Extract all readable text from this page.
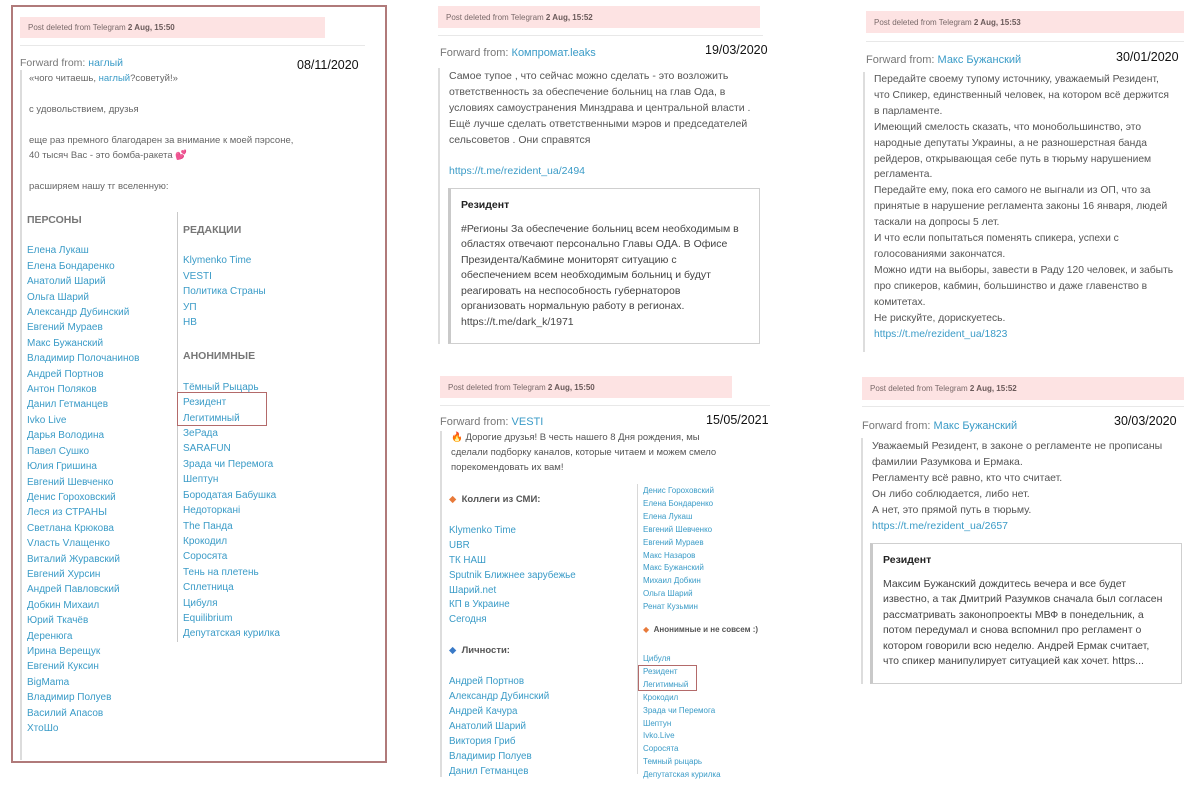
Post deleted from Telegram
2 Aug, 15:50
Forward from: наглый	08/11/2020
«чого читаешь, наглый?советуй!»

с удовольствием, друзья

еще раз премного благодарен за внимание к моей пэрсоне,
40 тысяч Вас - это бомба-ракета 💕

расширяем нашу тг вселенную:
ПЕРСОНЫ
Елена Лукаш
Елена Бондаренко
Анатолий Шарий
Ольга Шарий
Александр Дубинский
Евгений Мураев
Макс Бужанский
Владимир Полочанинов
Андрей Портнов
Антон Поляков
Данил Гетманцев
Ivko Live
Дарья Володина
Павел Сушко
Юлия Гришина
Евгений Шевченко
Денис Гороховский
Леся из СТРАНЫ
Светлана Крюкова
Vласть Vлащенко
Виталий Журавский
Евгений Хурсин
Андрей Павловский
Добкин Михаил
Юрий Ткачёв
Деренюга
Ирина Верещук
Евгений Куксин
BigMama
Владимир Полуев
Василий Апасов
ХтоШо
РЕДАКЦИИ
Klymenko Time
VESTI
Политика Страны
УП
НВ
АНОНИМНЫЕ
Тёмный Рыцарь
Резидент
Легитимный
ЗеРада
SARAFUN
Зрада чи Перемога
Шептун
Бородатая Бабушка
Недоторкані
The Панда
Крокодил
Соросята
Тень на плетень
Сплетница
Цибуля
Equilibrium
Депутатская курилка
Post deleted from Telegram
2 Aug, 15:52
Forward from: Компромат.leaks	19/03/2020
Самое тупое , что сейчас можно сделать - это возложить
ответственность за обеспечение больниц на глав Ода, в
условиях самоустранения Минздрава и центральной власти .
Ещё лучше сделать ответственными мэров и председателей
сельсоветов . Они справятся
https://t.me/rezident_ua/2494
Резидент
#Регионы За обеспечение больниц всем необходимым в
областях отвечают персонально Главы ОДА. В Офисе
Президента/Кабмине мониторят ситуацию с
обеспечением всем необходимым больниц и будут
реагировать на неспособность губернаторов
организовать нормальную работу в регионах.
https://t.me/dark_k/1971
Post deleted from Telegram
2 Aug, 15:50
Forward from: VESTI	15/05/2021
🔥 Дорогие друзья! В честь нашего 8 Дня рождения, мы
сделали подборку каналов, которые читаем и можем смело
порекомендовать их вам!
◆ Коллеги из СМИ:
Klymenko Time
UBR
ТК НАШ
Sputnik Ближнее зарубежье
Шарий.net
КП в Украине
Сегодня
◆ Личности:
Андрей Портнов
Александр Дубинский
Андрей Качура
Анатолий Шарий
Виктория Гриб
Владимир Полуев
Данил Гетманцев
Денис Гороховский
Елена Бондаренко
Елена Лукаш
Евгений Шевченко
Евгений Мураев
Макс Назаров
Макс Бужанский
Михаил Добкин
Ольга Шарий
Ренат Кузьмин
◆ Анонимные и не совсем :)
Цибуля
Резидент
Легитимный
Крокодил
Зрада чи Перемога
Шептун
Ivko.Live
Соросята
Темный рыцарь
Депутатская курилка
Post deleted from Telegram
2 Aug, 15:53
Forward from: Макс Бужанский	30/01/2020
Передайте своему тупому источнику, уважаемый Резидент,
что Спикер, единственный человек, на котором всё держится
в парламенте.
Имеющий смелость сказать, что монобольшинство, это
народные депутаты Украины, а не разношерстная банда
рейдеров, открывающая себе путь в тюрьму нарушением
регламента.
Передайте ему, пока его самого не выгнали из ОП, что за
принятые в нарушение регламента законы 16 января, людей
таскали на допросы 5 лет.
И что если попытаться поменять спикера, успехи с
голосованиями закончатся.
Можно идти на выборы, завести в Раду 120 человек, и забыть
про спикеров, кабмин, большинство и даже главенство в
комитетах.
Не рискуйте, дорискуетесь.
https://t.me/rezident_ua/1823
Post deleted from Telegram
2 Aug, 15:52
Forward from: Макс Бужанский	30/03/2020
Уважаемый Резидент, в законе о регламенте не прописаны
фамилии Разумкова и Ермака.
Регламенту всё равно, кто что считает.
Он либо соблюдается, либо нет.
А нет, это прямой путь в тюрьму.
https://t.me/rezident_ua/2657
Резидент
Максим Бужанский дождитесь вечера и все будет
известно, а так Дмитрий Разумков сначала был согласен
рассматривать законопроекты МВФ в понедельник, а
потом передумал и снова вспомнил про регламент о
котором говорили всю неделю. Андрей Ермак считает,
что спикер манипулирует ситуацией как хочет. https...
